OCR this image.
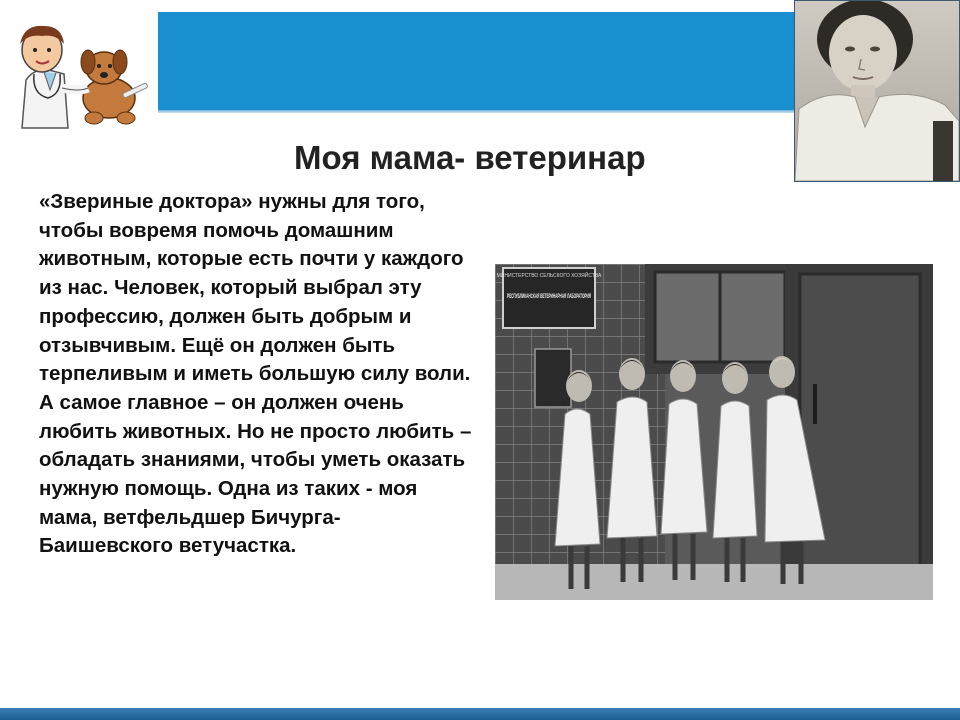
Моя мама- ветеринар
«Звериные доктора» нужны для того, чтобы вовремя помочь домашним животным, которые есть почти у каждого из нас. Человек, который выбрал эту профессию, должен быть добрым и отзывчивым. Ещё он должен быть терпеливым и иметь большую силу воли. А самое главное – он должен очень любить животных. Но не просто любить – обладать знаниями, чтобы уметь оказать нужную помощь. Одна из таких - моя мама, ветфельдшер Бичурга- Баишевского ветучастка.
МИНИСТЕРСТВО СЕЛЬСКОГО ХОЗЯЙСТВА
РЕСПУБЛИКАНСКАЯ ВЕТЕРИНАРНАЯ ЛАБОРАТОРИЯ
